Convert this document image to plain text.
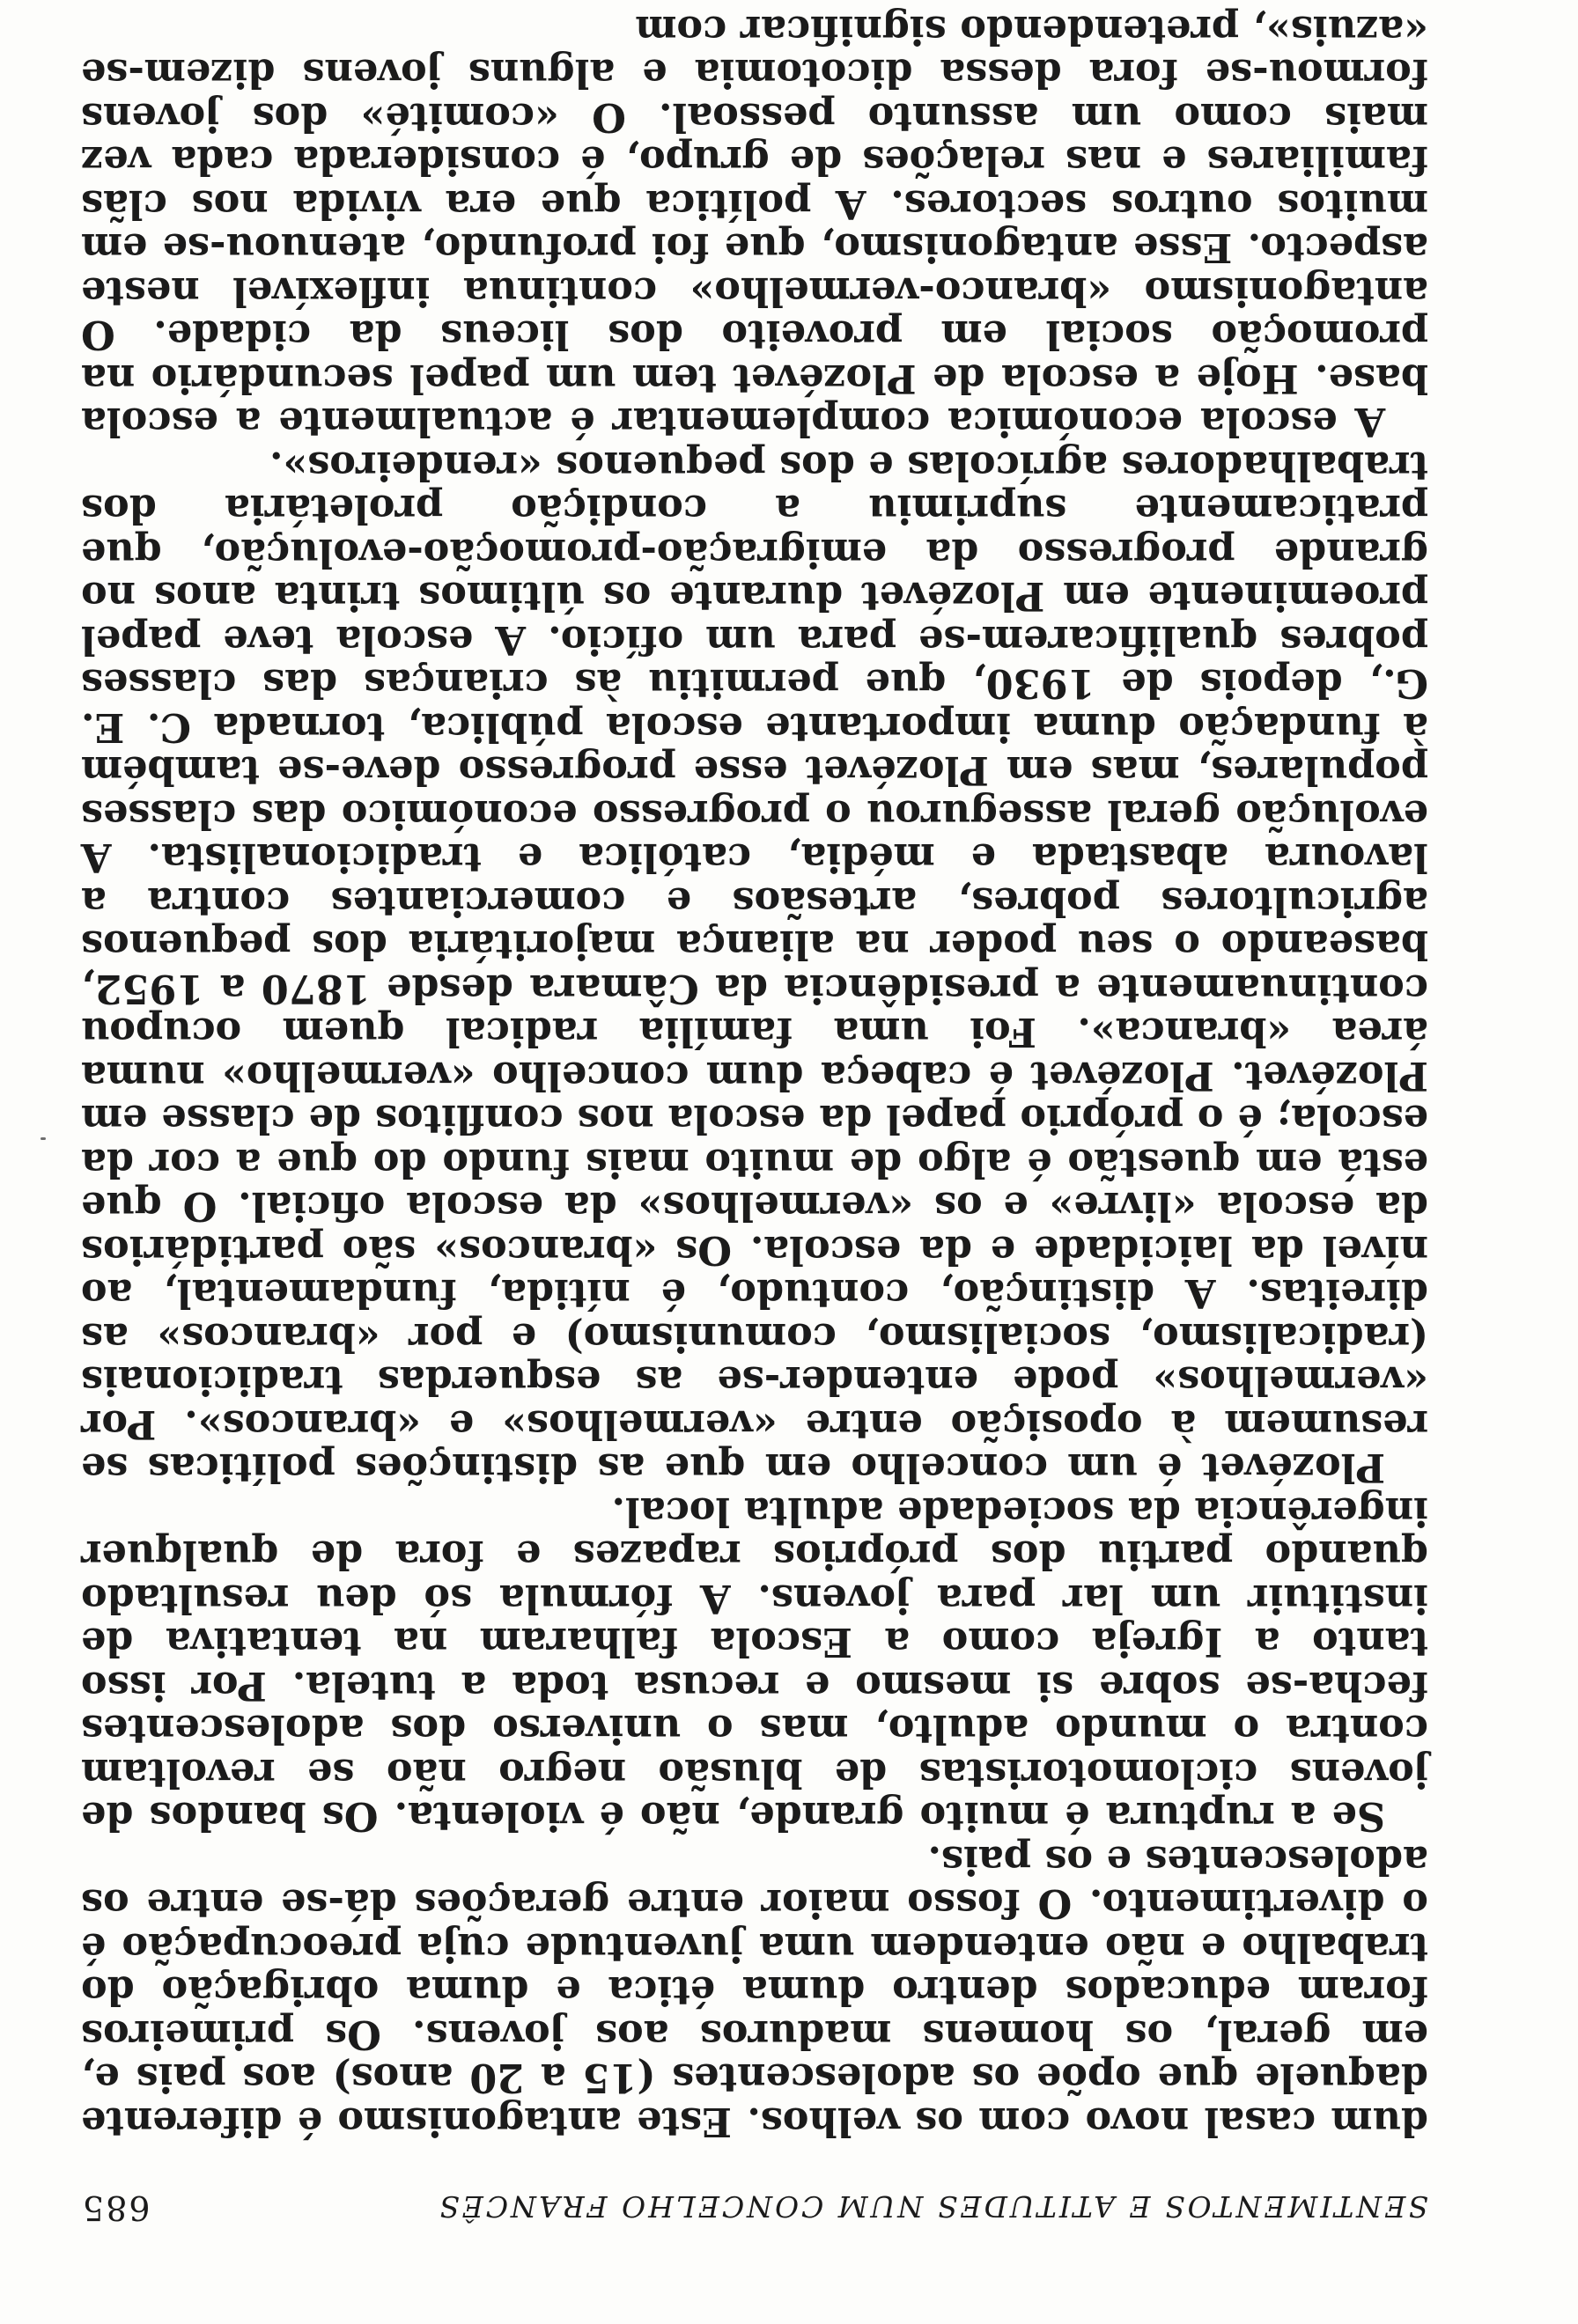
SENTIMENTOS E ATITUDES NUM CONCELHO FRANCÊS
685

dum casal novo com os velhos. Este antagonismo é diferente daquele que opõe os adolescentes (15 a 20 anos) aos pais e, em geral, os homens maduros aos jovens. Os primeiros foram educados dentro duma ética e duma obrigação do trabalho e não entendem uma juventude cuja preocupação é o divertimento. O fosso maior entre gerações dá-se entre os adolescentes e os pais.

Se a ruptura é muito grande, não é violenta. Os bandos de jovens ciclomotoristas de blusão negro não se revoltam contra o mundo adulto, mas o universo dos adolescentes fecha-se sobre si mesmo e recusa toda a tutela. Por isso tanto a Igreja como a Escola falharam na tentativa de instituir um lar para jovens. A fórmula só deu resultado quando partiu dos próprios rapazes e fora de qualquer ingerência da sociedade adulta local.

Plozévet é um concelho em que as distinções políticas se resumem à oposição entre «vermelhos» e «brancos». Por «vermelhos» pode entender-se as esquerdas tradicionais (radicalismo, socialismo, comunismo) e por «brancos» as direitas. A distinção, contudo, é nítida, fundamental, ao nível da laicidade e da escola. Os «brancos» são partidários da escola «livre» e os «vermelhos» da escola oficial. O que está em questão é algo de muito mais fundo do que a cor da escola; é o próprio papel da escola nos conflitos de classe em Plozévet. Plozévet é cabeça dum concelho «vermelho» numa área «branca». Foi uma família radical quem ocupou continuamente a presidência da Câmara desde 1870 a 1952, baseando o seu poder na aliança majoritária dos pequenos agricultores pobres, artesãos e comerciantes contra a lavoura abastada e média, católica e tradicionalista. A evolução geral assegurou o progresso económico das classes populares, mas em Plozévet esse progresso deve-se também à fundação duma importante escola pública, tornada C. E. G., depois de 1930, que permitiu às crianças das classes pobres qualificarem-se para um ofício. A escola teve papel proeminente em Plozévet durante os últimos trinta anos no grande progresso da emigração-promoção-evolução, que praticamente suprimiu a condição proletária dos trabalhadores agrícolas e dos pequenos «rendeiros».

A escola económica complementar é actualmente a escola base. Hoje a escola de Plozévet tem um papel secundário na promoção social em proveito dos liceus da cidade. O antagonismo «branco-vermelho» continua inflexível neste aspecto. Esse antagonismo, que foi profundo, atenuou-se em muitos outros sectores. A política que era vivida nos clãs familiares e nas relações de grupo, é considerada cada vez mais como um assunto pessoal. O «comité» dos jovens formou-se fora dessa dicotomia e alguns jovens dizem-se «azuis», pretendendo significar com
